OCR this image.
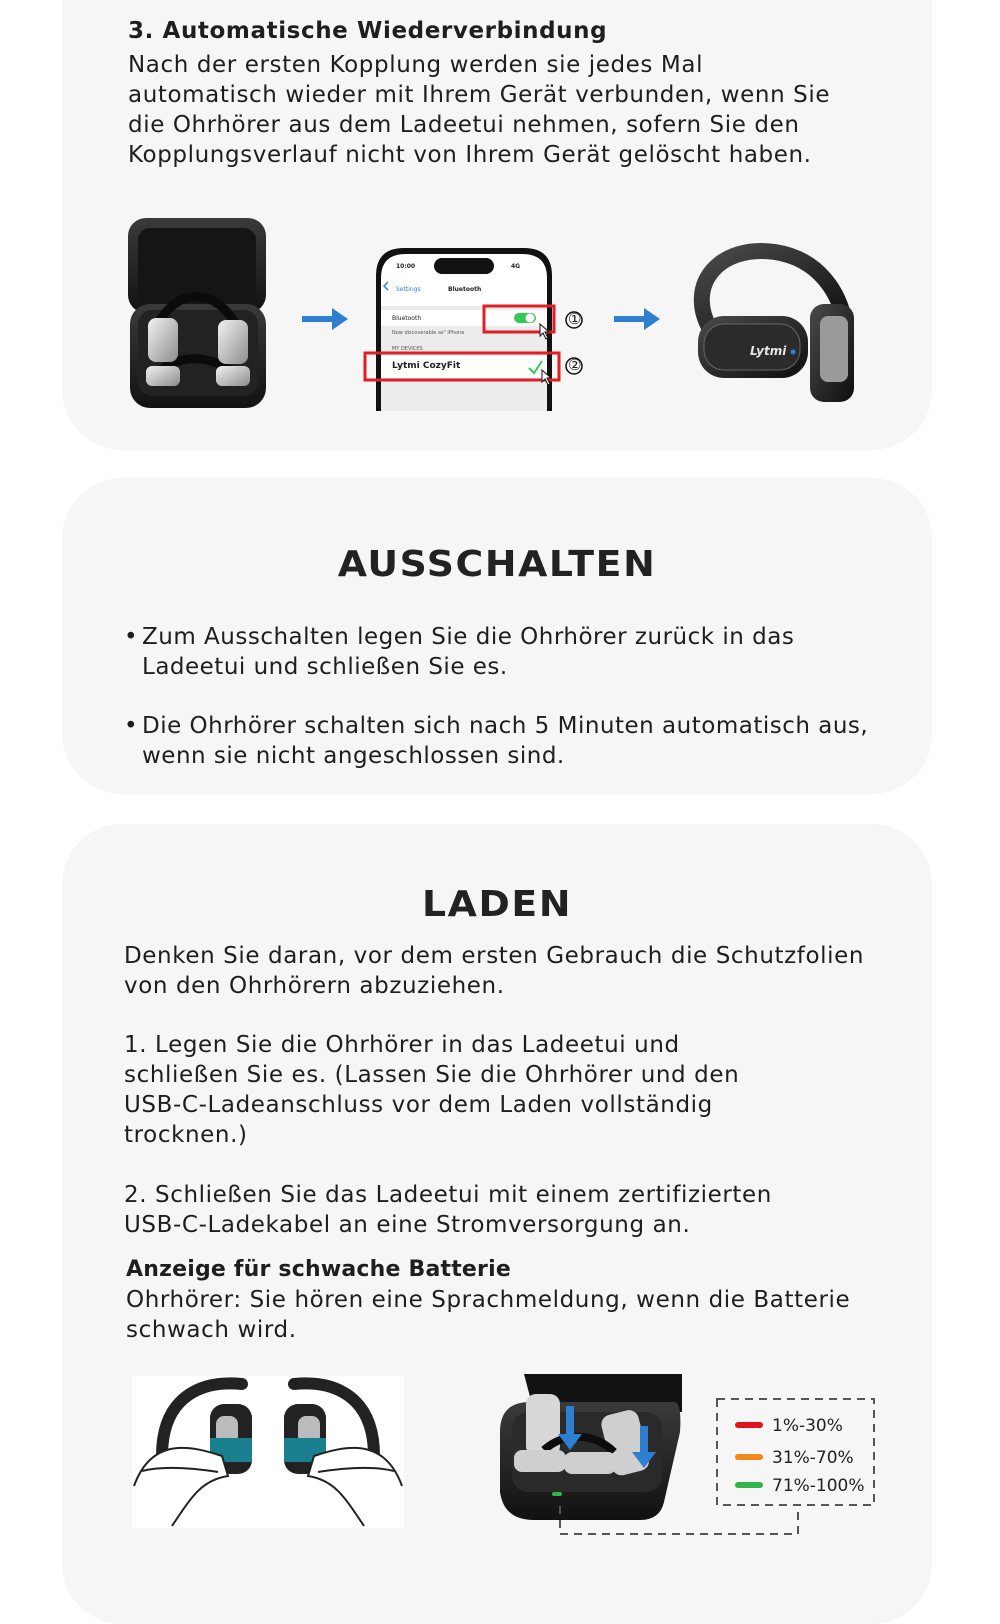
3. Automatische Wiederverbindung
Nach der ersten Kopplung werden sie jedes Mal
automatisch wieder mit Ihrem Gerät verbunden, wenn Sie
die Ohrhörer aus dem Ladeetui nehmen, sofern Sie den
Kopplungsverlauf nicht von Ihrem Gerät gelöscht haben.
10:00	4G
Settings	Bluetooth
Bluetooth
Now discoverable as" iPhone
MY DEVICES
Lytmi CozyFit
①
②
Lytmi
AUSSCHALTEN
• Zum Ausschalten legen Sie die Ohrhörer zurück in das
Ladeetui und schließen Sie es.
• Die Ohrhörer schalten sich nach 5 Minuten automatisch aus,
wenn sie nicht angeschlossen sind.
LADEN
Denken Sie daran, vor dem ersten Gebrauch die Schutzfolien
von den Ohrhörern abzuziehen.
1. Legen Sie die Ohrhörer in das Ladeetui und
schließen Sie es. (Lassen Sie die Ohrhörer und den
USB-C-Ladeanschluss vor dem Laden vollständig
trocknen.)
2. Schließen Sie das Ladeetui mit einem zertifizierten
USB-C-Ladekabel an eine Stromversorgung an.
Anzeige für schwache Batterie
Ohrhörer: Sie hören eine Sprachmeldung, wenn die Batterie
schwach wird.
1%-30%
31%-70%
71%-100%
